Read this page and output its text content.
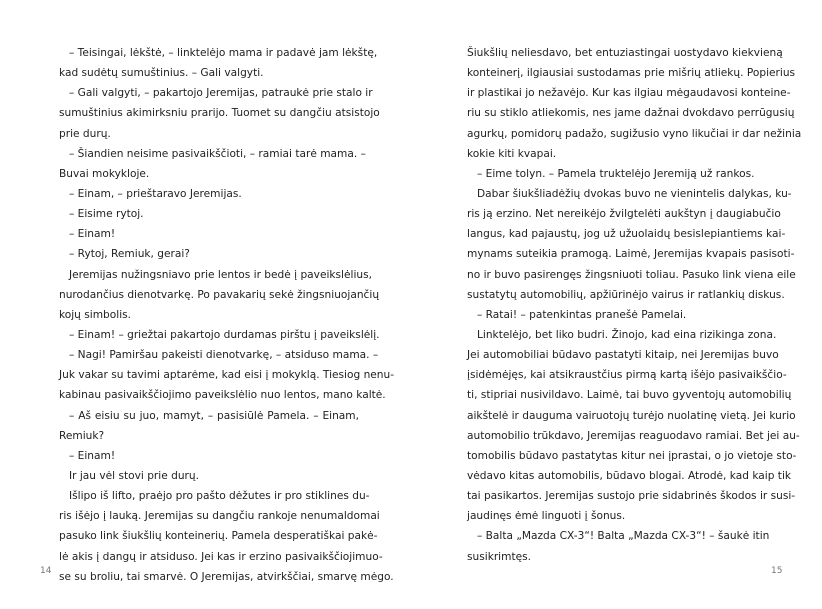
– Teisingai, lėkštė, – linktelėjo mama ir padavė jam lėkštę,
kad sudėtų sumuštinius. – Gali valgyti.
– Gali valgyti, – pakartojo Jeremijas, patraukė prie stalo ir
sumuštinius akimirksniu prarijo. Tuomet su dangčiu atsistojo
prie durų.
– Šiandien neisime pasivaikščioti, – ramiai tarė mama. –
Buvai mokykloje.
– Einam, – prieštaravo Jeremijas.
– Eisime rytoj.
– Einam!
– Rytoj, Remiuk, gerai?
Jeremijas nužingsniavo prie lentos ir bedė į paveikslėlius,
nurodančius dienotvarkę. Po pavakarių sekė žingsniuojančių
kojų simbolis.
– Einam! – griežtai pakartojo durdamas pirštu į paveikslėlį.
– Nagi! Pamiršau pakeisti dienotvarkę, – atsiduso mama. –
Juk vakar su tavimi aptarėme, kad eisi į mokyklą. Tiesiog nenu-
kabinau pasivaikščiojimo paveikslėlio nuo lentos, mano kaltė.
– Aš eisiu su juo, mamyt, – pasisiūlė Pamela. – Einam,
Remiuk?
– Einam!
Ir jau vėl stovi prie durų.
Išlipo iš lifto, praėjo pro pašto dėžutes ir pro stiklines du-
ris išėjo į lauką. Jeremijas su dangčiu rankoje nenumaldomai
pasuko link šiukšlių konteinerių. Pamela desperatiškai pakė-
lė akis į dangų ir atsiduso. Jei kas ir erzino pasivaikščiojimuo-
se su broliu, tai smarvė. O Jeremijas, atvirkščiai, smarvę mėgo.
Šiukšlių neliesdavo, bet entuziastingai uostydavo kiekvieną
konteinerį, ilgiausiai sustodamas prie mišrių atliekų. Popierius
ir plastikai jo nežavėjo. Kur kas ilgiau mėgaudavosi konteine-
riu su stiklo atliekomis, nes jame dažnai dvokdavo perrūgusių
agurkų, pomidorų padažo, sugižusio vyno likučiai ir dar nežinia
kokie kiti kvapai.
– Eime tolyn. – Pamela truktelėjo Jeremiją už rankos.
Dabar šiukšliadėžių dvokas buvo ne vienintelis dalykas, ku-
ris ją erzino. Net nereikėjo žvilgtelėti aukštyn į daugiabučio
langus, kad pajaustų, jog už užuolaidų besislepiantiems kai-
mynams suteikia pramogą. Laimė, Jeremijas kvapais pasisoti-
no ir buvo pasirengęs žingsniuoti toliau. Pasuko link viena eile
sustatytų automobilių, apžiūrinėjo vairus ir ratlankių diskus.
– Ratai! – patenkintas pranešė Pamelai.
Linktelėjo, bet liko budri. Žinojo, kad eina rizikinga zona.
Jei automobiliai būdavo pastatyti kitaip, nei Jeremijas buvo
įsidėmėjęs, kai atsikraustčius pirmą kartą išėjo pasivaikščio-
ti, stipriai nusivildavo. Laimė, tai buvo gyventojų automobilių
aikštelė ir dauguma vairuotojų turėjo nuolatinę vietą. Jei kurio
automobilio trūkdavo, Jeremijas reaguodavo ramiai. Bet jei au-
tomobilis būdavo pastatytas kitur nei įprastai, o jo vietoje stο-
vėdavo kitas automobilis, būdavo blogai. Atrodė, kad kaip tik
tai pasikartos. Jeremijas sustojo prie sidabrinės škodos ir susi-
jaudinęs ėmė linguoti į šonus.
– Balta „Mazda CX-3“! Balta „Mazda CX-3“! – šaukė itin
susikrimtęs.
14	15
